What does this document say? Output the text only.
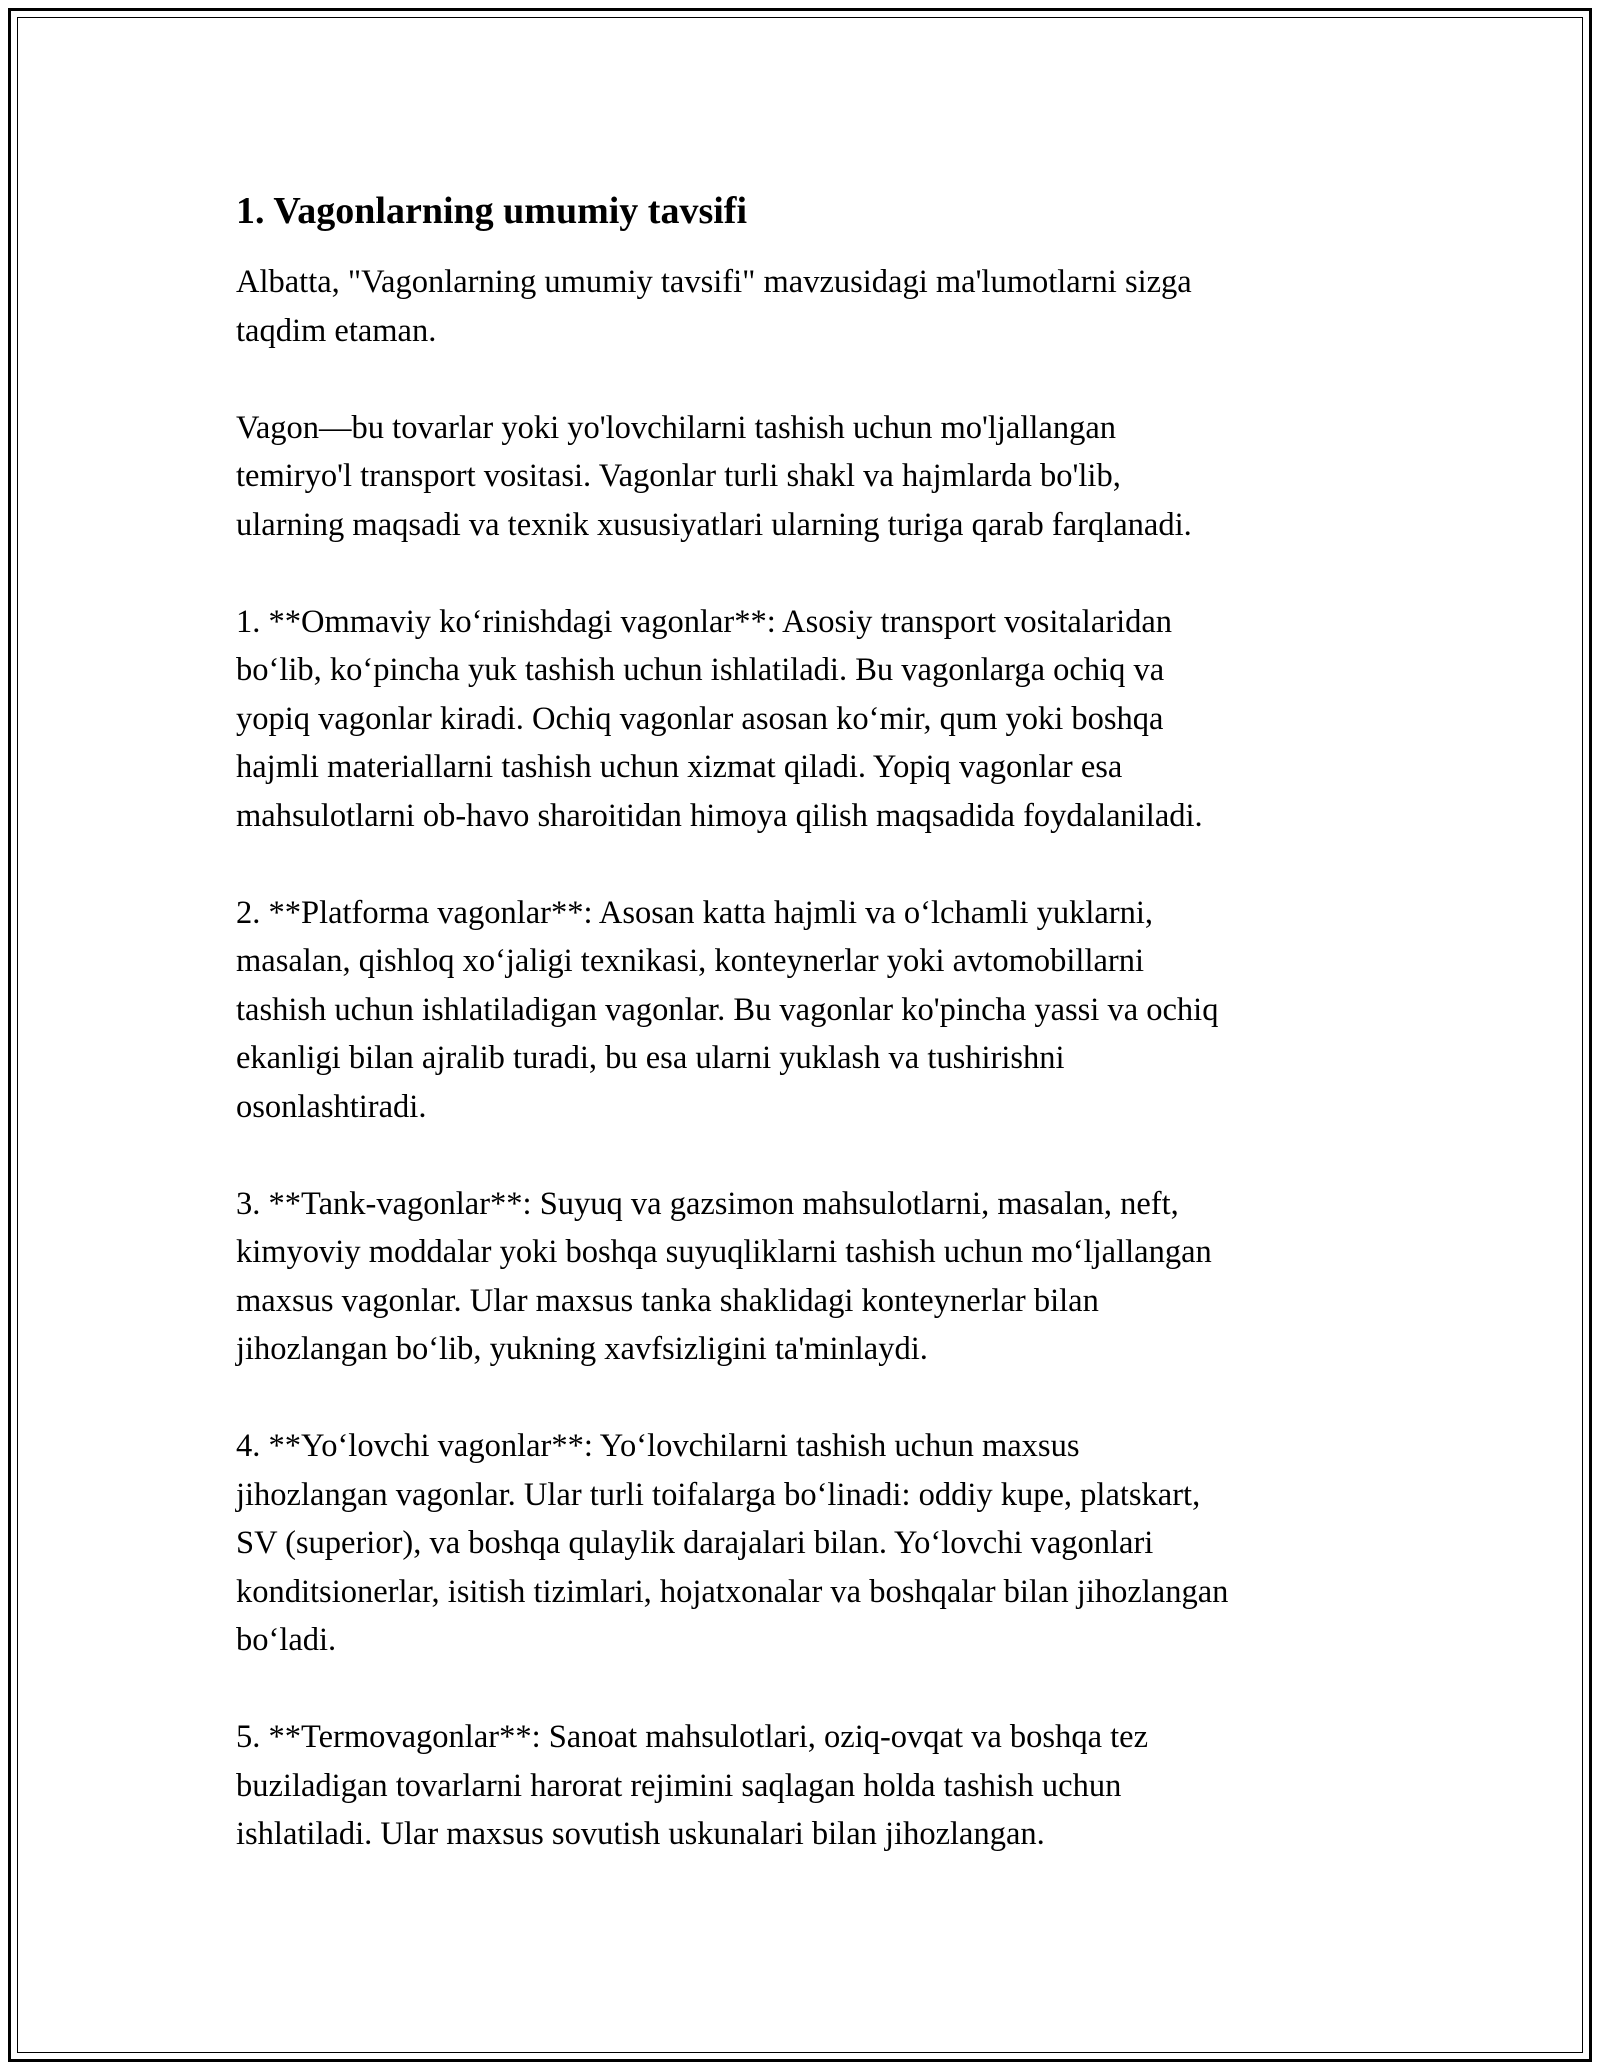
1. Vagonlarning umumiy tavsifi
Albatta, "Vagonlarning umumiy tavsifi" mavzusidagi ma'lumotlarni sizga
taqdim etaman.
Vagon—bu tovarlar yoki yo'lovchilarni tashish uchun mo'ljallangan
temiryo'l transport vositasi. Vagonlar turli shakl va hajmlarda bo'lib,
ularning maqsadi va texnik xususiyatlari ularning turiga qarab farqlanadi.
1. **Ommaviy ko‘rinishdagi vagonlar**: Asosiy transport vositalaridan
bo‘lib, ko‘pincha yuk tashish uchun ishlatiladi. Bu vagonlarga ochiq va
yopiq vagonlar kiradi. Ochiq vagonlar asosan ko‘mir, qum yoki boshqa
hajmli materiallarni tashish uchun xizmat qiladi. Yopiq vagonlar esa
mahsulotlarni ob-havo sharoitidan himoya qilish maqsadida foydalaniladi.
2. **Platforma vagonlar**: Asosan katta hajmli va o‘lchamli yuklarni,
masalan, qishloq xo‘jaligi texnikasi, konteynerlar yoki avtomobillarni
tashish uchun ishlatiladigan vagonlar. Bu vagonlar ko'pincha yassi va ochiq
ekanligi bilan ajralib turadi, bu esa ularni yuklash va tushirishni
osonlashtiradi.
3. **Tank-vagonlar**: Suyuq va gazsimon mahsulotlarni, masalan, neft,
kimyoviy moddalar yoki boshqa suyuqliklarni tashish uchun mo‘ljallangan
maxsus vagonlar. Ular maxsus tanka shaklidagi konteynerlar bilan
jihozlangan bo‘lib, yukning xavfsizligini ta'minlaydi.
4. **Yo‘lovchi vagonlar**: Yo‘lovchilarni tashish uchun maxsus
jihozlangan vagonlar. Ular turli toifalarga bo‘linadi: oddiy kupe, platskart,
SV (superior), va boshqa qulaylik darajalari bilan. Yo‘lovchi vagonlari
konditsionerlar, isitish tizimlari, hojatxonalar va boshqalar bilan jihozlangan
bo‘ladi.
5. **Termovagonlar**: Sanoat mahsulotlari, oziq-ovqat va boshqa tez
buziladigan tovarlarni harorat rejimini saqlagan holda tashish uchun
ishlatiladi. Ular maxsus sovutish uskunalari bilan jihozlangan.
